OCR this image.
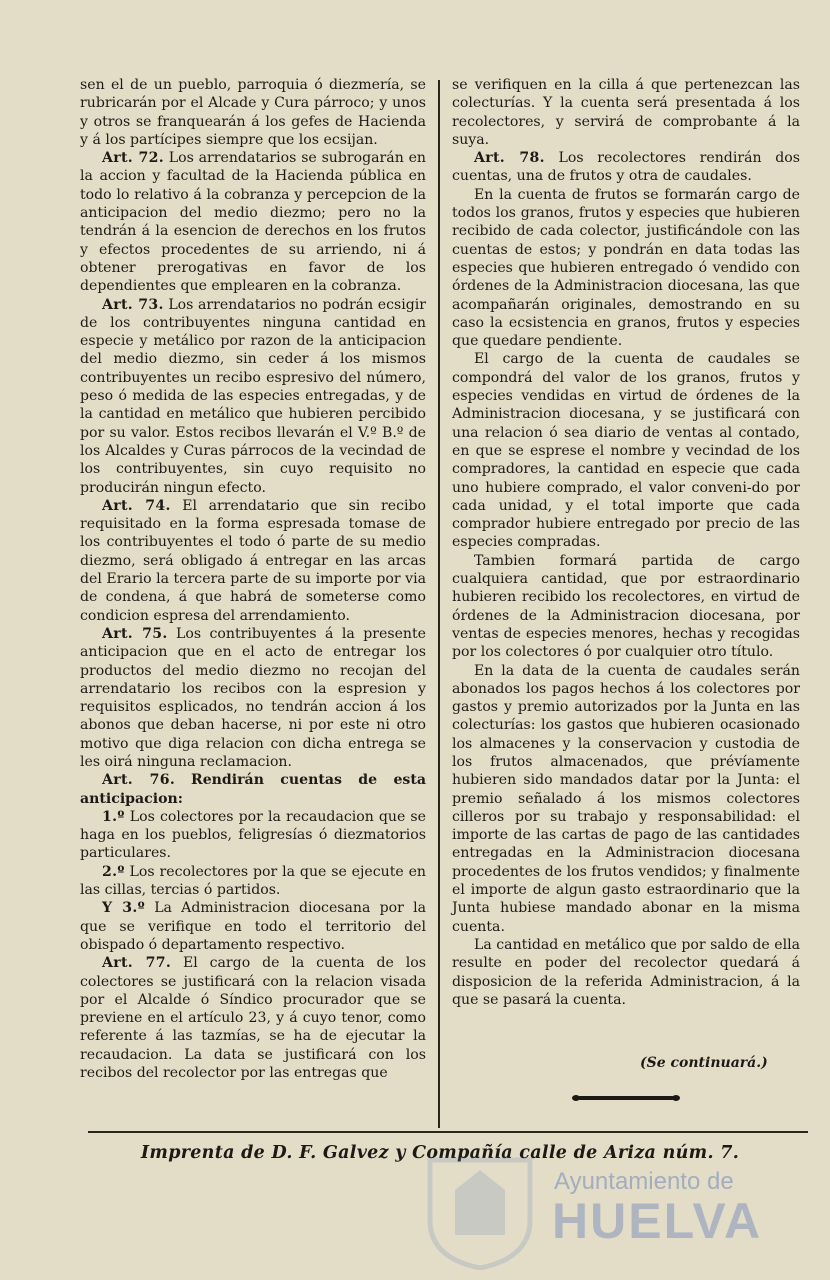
sen el de un pueblo, parroquia ó diezmería, se rubricarán por el Alcade y Cura párroco; y unos y otros se franquearán á los gefes de Hacienda y á los partícipes siempre que los ecsijan.

Art. 72. Los arrendatarios se subrogarán en la accion y facultad de la Hacienda pública en todo lo relativo á la cobranza y percepcion de la anticipacion del medio diezmo; pero no la tendrán á la esencion de derechos en los frutos y efectos procedentes de su arriendo, ni á obtener prerogativas en favor de los dependientes que emplearen en la cobranza.

Art. 73. Los arrendatarios no podrán ecsigir de los contribuyentes ninguna cantidad en especie y metálico por razon de la anticipacion del medio diezmo, sin ceder á los mismos contribuyentes un recibo espresivo del número, peso ó medida de las especies entregadas, y de la cantidad en metálico que hubieren percibido por su valor. Estos recibos llevarán el V.º B.º de los Alcaldes y Curas párrocos de la vecindad de los contribuyentes, sin cuyo requisito no producirán ningun efecto.

Art. 74. El arrendatario que sin recibo requisitado en la forma espresada tomase de los contribuyentes el todo ó parte de su medio diezmo, será obligado á entregar en las arcas del Erario la tercera parte de su importe por via de condena, á que habrá de someterse como condicion espresa del arrendamiento.

Art. 75. Los contribuyentes á la presente anticipacion que en el acto de entregar los productos del medio diezmo no recojan del arrendatario los recibos con la espresion y requisitos esplicados, no tendrán accion á los abonos que deban hacerse, ni por este ni otro motivo que diga relacion con dicha entrega se les oirá ninguna reclamacion.

Art. 76. Rendirán cuentas de esta anticipacion:

1.º Los colectores por la recaudacion que se haga en los pueblos, feligresías ó diezmatorios particulares.

2.º Los recolectores por la que se ejecute en las cillas, tercias ó partidos.

Y 3.º La Administracion diocesana por la que se verifique en todo el territorio del obispado ó departamento respectivo.

Art. 77. El cargo de la cuenta de los colectores se justificará con la relacion visada por el Alcalde ó Síndico procurador que se previene en el artículo 23, y á cuyo tenor, como referente á las tazmías, se ha de ejecutar la recaudacion. La data se justificará con los recibos del recolector por las entregas que

se verifiquen en la cilla á que pertenezcan las colecturías. Y la cuenta será presentada á los recolectores, y servirá de comprobante á la suya.

Art. 78. Los recolectores rendirán dos cuentas, una de frutos y otra de caudales.

En la cuenta de frutos se formarán cargo de todos los granos, frutos y especies que hubieren recibido de cada colector, justificándole con las cuentas de estos; y pondrán en data todas las especies que hubieren entregado ó vendido con órdenes de la Administracion diocesana, las que acompañarán originales, demostrando en su caso la ecsistencia en granos, frutos y especies que quedare pendiente.

El cargo de la cuenta de caudales se compondrá del valor de los granos, frutos y especies vendidas en virtud de órdenes de la Administracion diocesana, y se justificará con una relacion ó sea diario de ventas al contado, en que se esprese el nombre y vecindad de los compradores, la cantidad en especie que cada uno hubiere comprado, el valor conveni-do por cada unidad, y el total importe que cada comprador hubiere entregado por precio de las especies compradas.

Tambien formará partida de cargo cualquiera cantidad, que por estraordinario hubieren recibido los recolectores, en virtud de órdenes de la Administracion diocesana, por ventas de especies menores, hechas y recogidas por los colectores ó por cualquier otro título.

En la data de la cuenta de caudales serán abonados los pagos hechos á los colectores por gastos y premio autorizados por la Junta en las colecturías: los gastos que hubieren ocasionado los almacenes y la conservacion y custodia de los frutos almacenados, que prévíamente hubieren sido mandados datar por la Junta: el premio señalado á los mismos colectores cilleros por su trabajo y responsabilidad: el importe de las cartas de pago de las cantidades entregadas en la Administracion diocesana procedentes de los frutos vendidos; y finalmente el importe de algun gasto estraordinario que la Junta hubiese mandado abonar en la misma cuenta.

La cantidad en metálico que por saldo de ella resulte en poder del recolector quedará á disposicion de la referida Administracion, á la que se pasará la cuenta.

(Se continuará.)
Imprenta de D. F. Galvez y Compañía calle de Ariza núm. 7.
Ayuntamiento de
HUELVA
